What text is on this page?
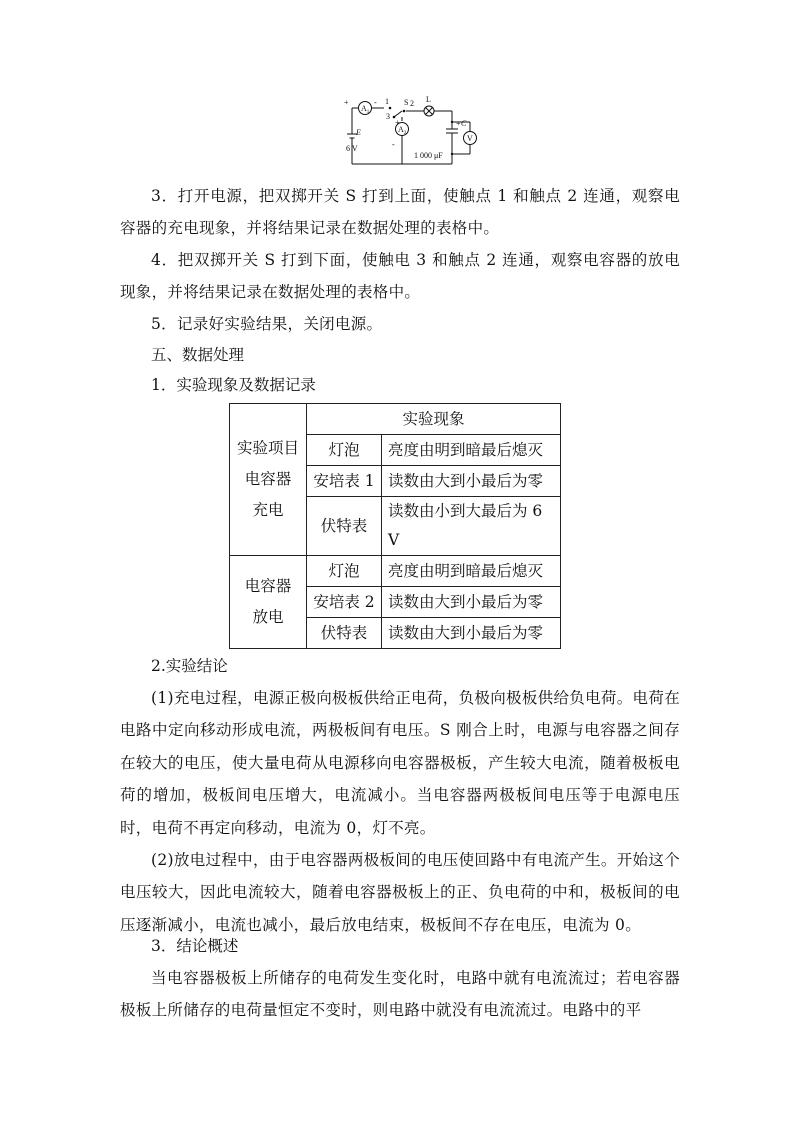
+
$A_1$
- 1 S 2
3
L
+
$A_2$
-
E
6 V
+ C
V
1 000 μF

3．打开电源，把双掷开关 S 打到上面，使触点 1 和触点 2 连通，观察电容器的充电现象，并将结果记录在数据处理的表格中。

4．把双掷开关 S 打到下面，使触电 3 和触点 2 连通，观察电容器的放电现象，并将结果记录在数据处理的表格中。

5．记录好实验结果，关闭电源。

五、数据处理

1．实验现象及数据记录

实验项目
电容器
充电	实验现象	
	灯泡	亮度由明到暗最后熄灭
	安培表 1	读数由大到小最后为零
	伏特表	读数由小到大最后为 6 V

电容器
放电	灯泡	亮度由明到暗最后熄灭
	安培表 2	读数由大到小最后为零
	伏特表	读数由大到小最后为零

2.实验结论

(1)充电过程，电源正极向极板供给正电荷，负极向极板供给负电荷。电荷在电路中定向移动形成电流，两极板间有电压。S 刚合上时，电源与电容器之间存在较大的电压，使大量电荷从电源移向电容器极板，产生较大电流，随着极板电荷的增加，极板间电压增大，电流减小。当电容器两极板间电压等于电源电压时，电荷不再定向移动，电流为 0，灯不亮。

(2)放电过程中，由于电容器两极板间的电压使回路中有电流产生。开始这个电压较大，因此电流较大，随着电容器极板上的正、负电荷的中和，极板间的电压逐渐减小，电流也减小，最后放电结束，极板间不存在电压，电流为 0。

3．结论概述

当电容器极板上所储存的电荷发生变化时，电路中就有电流流过；若电容器极板上所储存的电荷量恒定不变时，则电路中就没有电流流过。电路中的平
